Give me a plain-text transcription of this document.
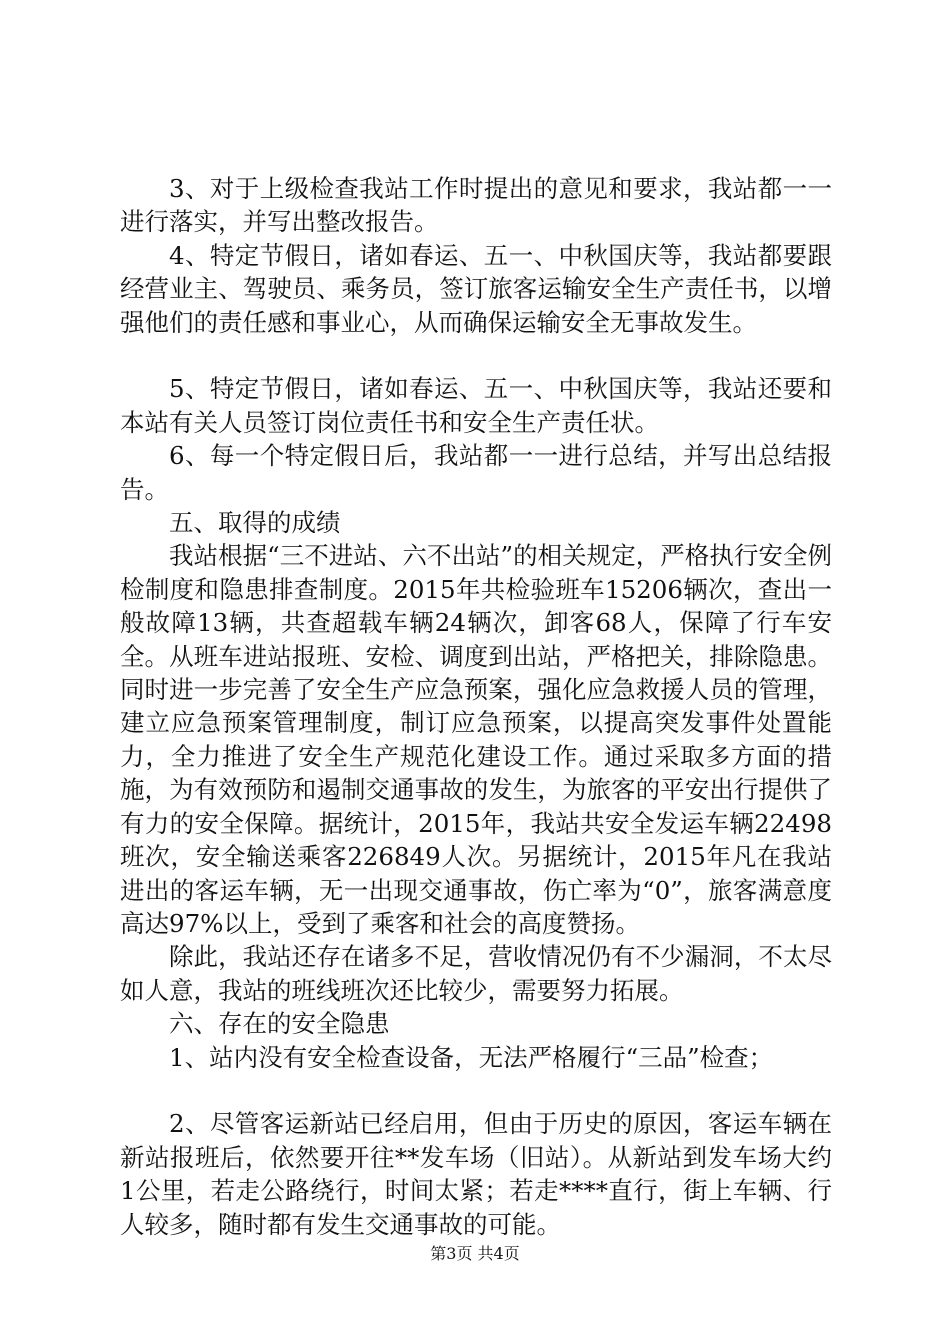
3、对于上级检查我站工作时提出的意见和要求，我站都一一进行落实，并写出整改报告。

4、特定节假日，诸如春运、五一、中秋国庆等，我站都要跟经营业主、驾驶员、乘务员，签订旅客运输安全生产责任书，以增强他们的责任感和事业心，从而确保运输安全无事故发生。

5、特定节假日，诸如春运、五一、中秋国庆等，我站还要和本站有关人员签订岗位责任书和安全生产责任状。

6、每一个特定假日后，我站都一一进行总结，并写出总结报告。

五、取得的成绩

我站根据“三不进站、六不出站”的相关规定，严格执行安全例检制度和隐患排查制度。2015年共检验班车15206辆次，查出一般故障13辆，共查超载车辆24辆次，卸客68人，保障了行车安全。从班车进站报班、安检、调度到出站，严格把关，排除隐患。同时进一步完善了安全生产应急预案，强化应急救援人员的管理，建立应急预案管理制度，制订应急预案，以提高突发事件处置能力，全力推进了安全生产规范化建设工作。通过采取多方面的措施，为有效预防和遏制交通事故的发生，为旅客的平安出行提供了有力的安全保障。据统计，2015年，我站共安全发运车辆22498班次，安全输送乘客226849人次。另据统计，2015年凡在我站进出的客运车辆，无一出现交通事故，伤亡率为“0”，旅客满意度高达97%以上，受到了乘客和社会的高度赞扬。

除此，我站还存在诸多不足，营收情况仍有不少漏洞，不太尽如人意，我站的班线班次还比较少，需要努力拓展。

六、存在的安全隐患

1、站内没有安全检查设备，无法严格履行“三品”检查；

2、尽管客运新站已经启用，但由于历史的原因，客运车辆在新站报班后，依然要开往**发车场（旧站）。从新站到发车场大约1公里，若走公路绕行，时间太紧；若走****直行，街上车辆、行人较多，随时都有发生交通事故的可能。

第3页 共4页
